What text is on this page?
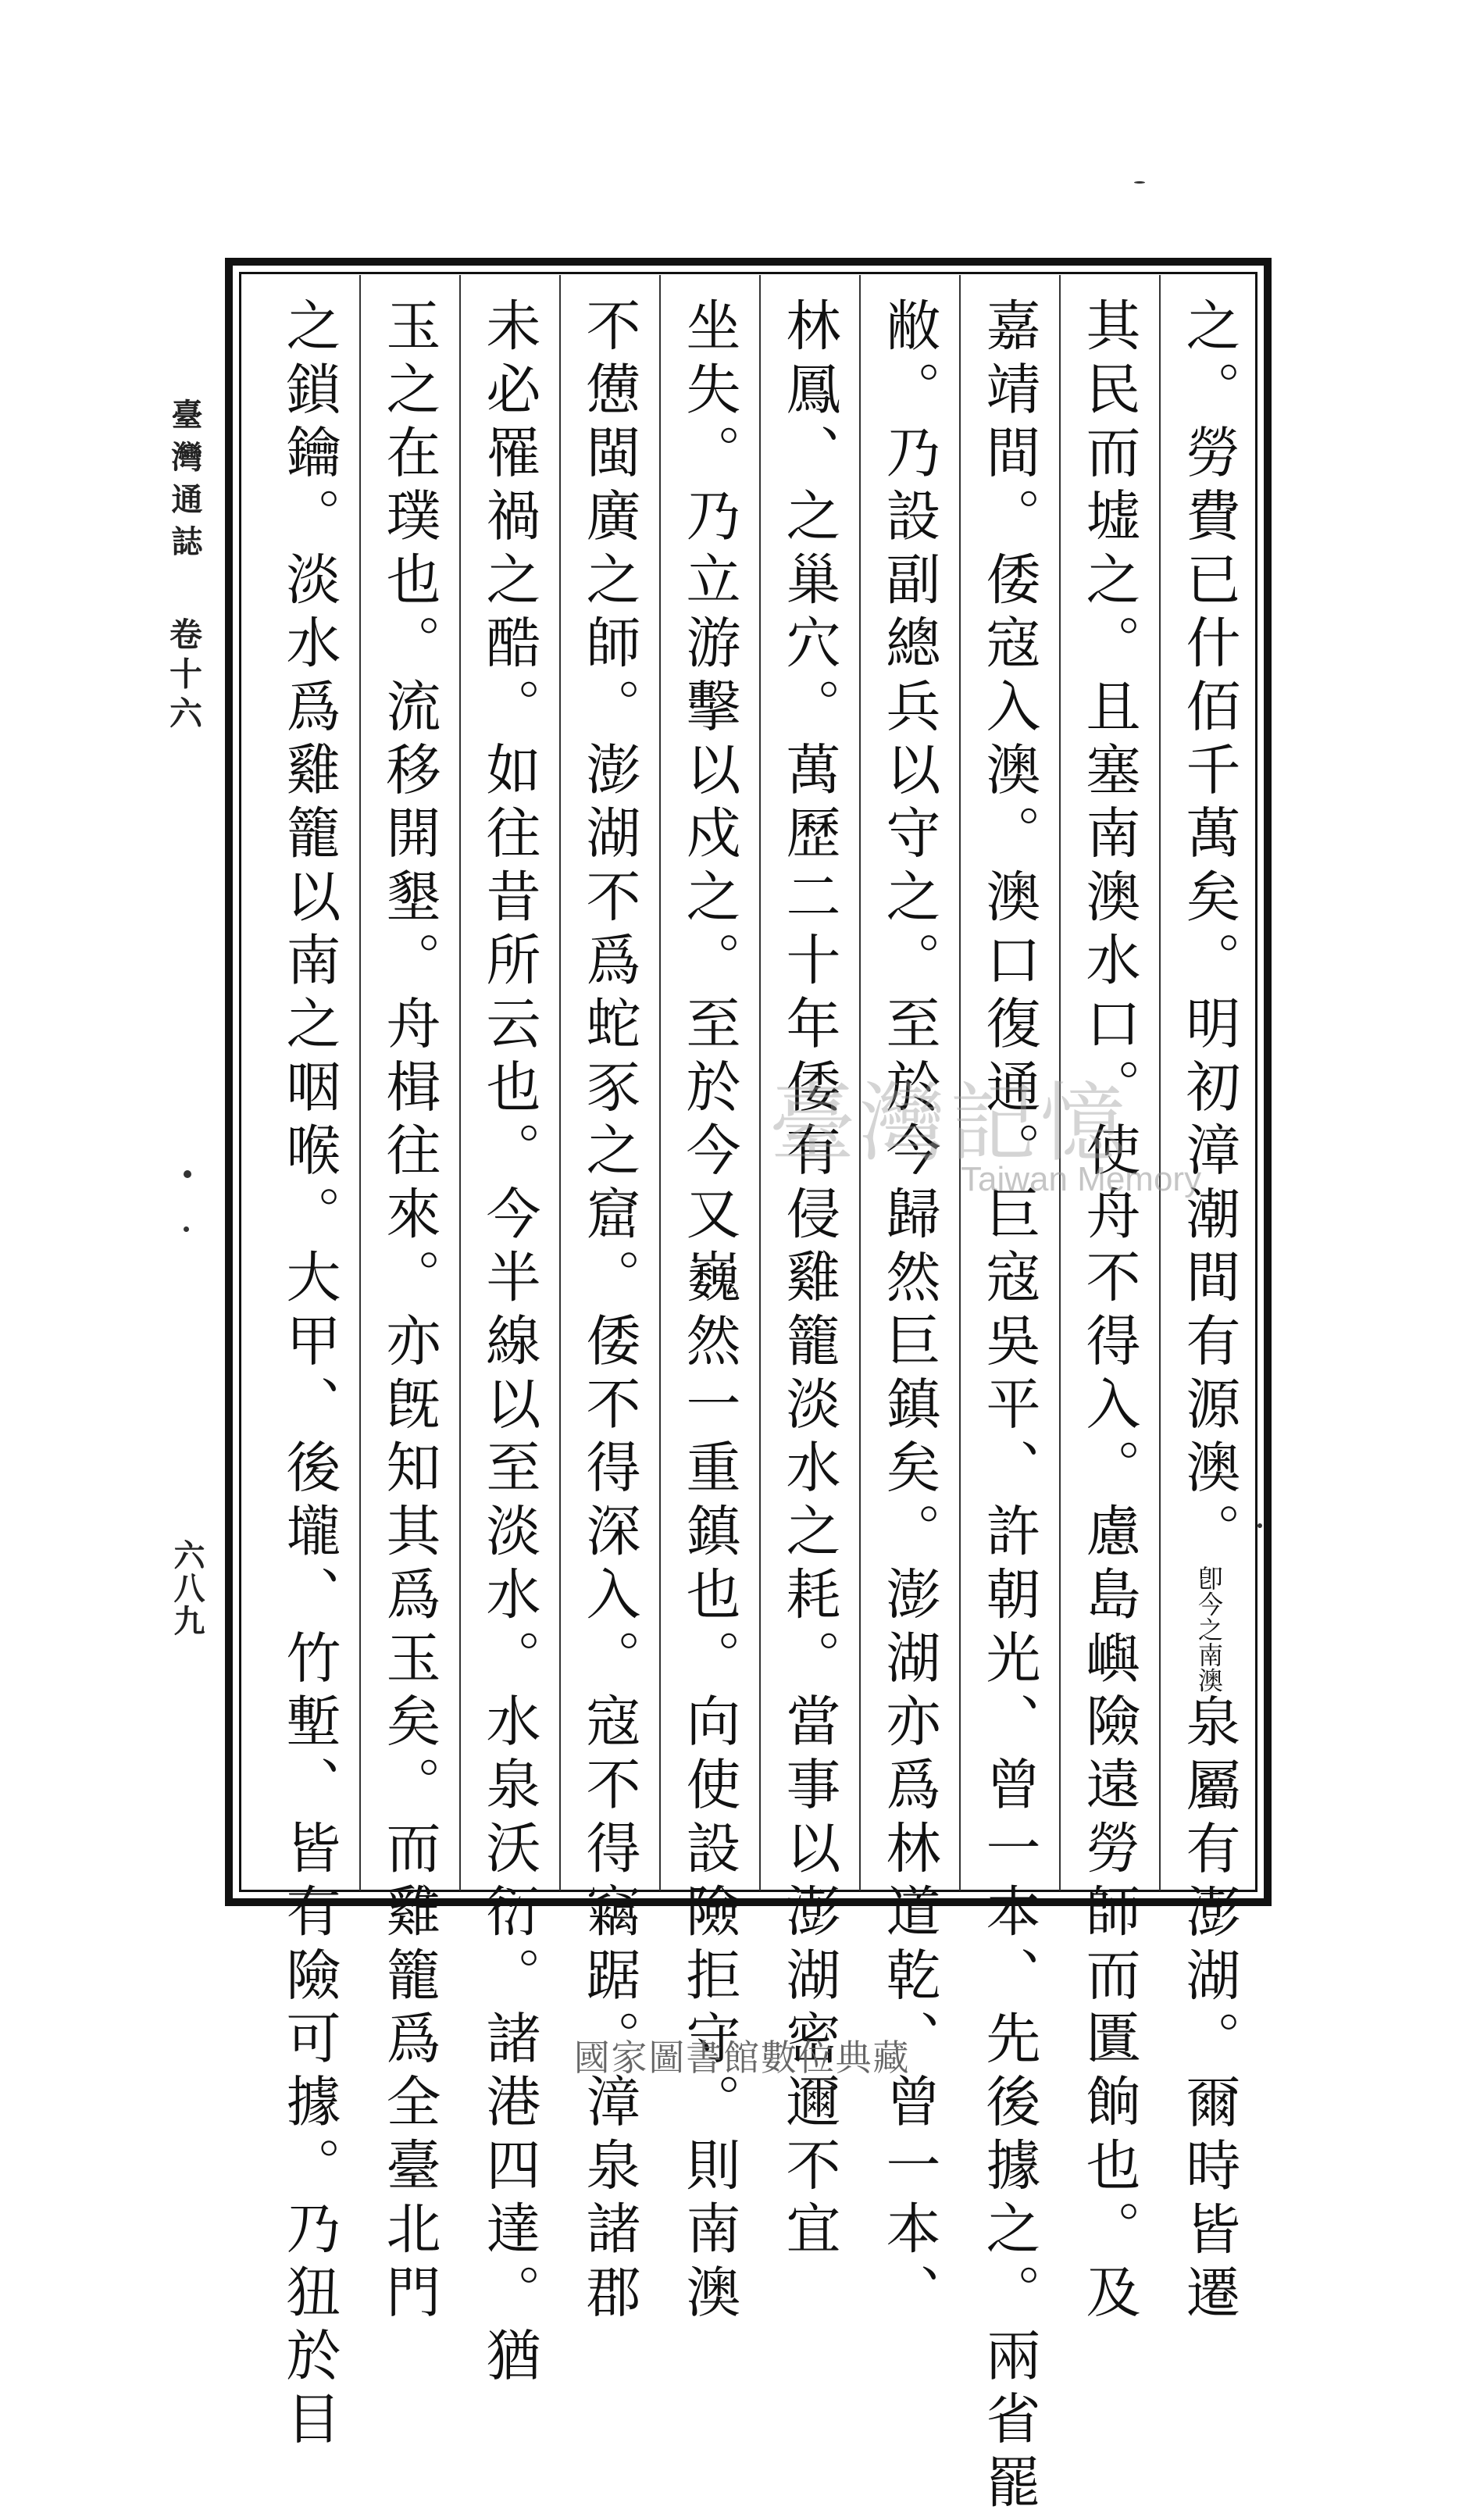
之。勞費已什佰千萬矣。明初漳潮間有源澳。卽今之南澳泉屬有澎湖。爾時皆遷
其民而墟之。且塞南澳水口。使舟不得入。慮島嶼險遠勞師而匱餉也。及
嘉靖間。倭寇入澳。澳口復通。巨寇吳平、許朝光、曾一本、先後據之。兩省罷
敝。乃設副總兵以守之。至於今歸然巨鎮矣。澎湖亦爲林道乾、曾一本、
林鳳、之巢穴。萬歷二十年倭有侵雞籠淡水之耗。當事以澎湖密邇不宜
坐失。乃立游擊以戍之。至於今又巍然一重鎮也。向使設險拒守。則南澳
不憊閩廣之師。澎湖不爲蛇豕之窟。倭不得深入。寇不得竊踞。漳泉諸郡
未必罹禍之酷。如往昔所云也。今半線以至淡水。水泉沃衍。諸港四達。猶
玉之在璞也。流移開墾。舟楫往來。亦旣知其爲玉矣。而雞籠爲全臺北門
之鎖鑰。淡水爲雞籠以南之咽喉。大甲、後壠、竹塹、皆有險可據。乃狃於目
臺灣通誌
卷十六
六八九
臺灣記憶
Taiwan Memory
國家圖書館數位典藏
